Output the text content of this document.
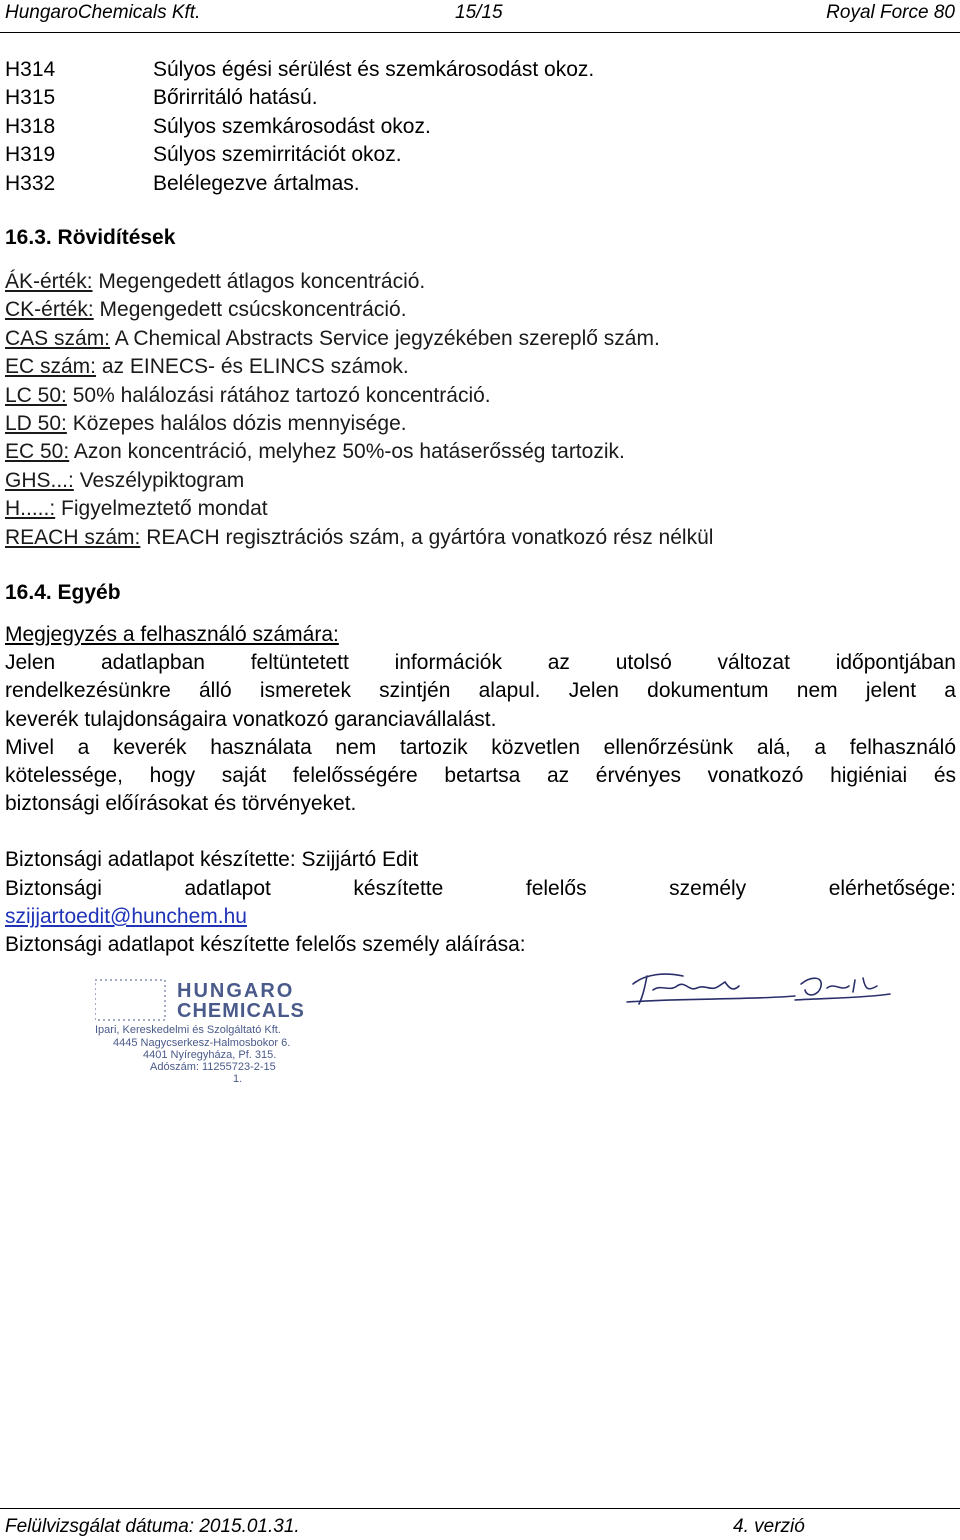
HungaroChemicals Kft.	15/15	Royal Force 80
H314	Súlyos égési sérülést és szemkárosodást okoz.
H315	Bőrirritáló hatású.
H318	Súlyos szemkárosodást okoz.
H319	Súlyos szemirritációt okoz.
H332	Belélegezve ártalmas.
16.3. Rövidítések
ÁK-érték: Megengedett átlagos koncentráció.
CK-érték: Megengedett csúcskoncentráció.
CAS szám: A Chemical Abstracts Service jegyzékében szereplő szám.
EC szám: az EINECS- és ELINCS számok.
LC 50: 50% halálozási rátához tartozó koncentráció.
LD 50: Közepes halálos dózis mennyisége.
EC 50: Azon koncentráció, melyhez 50%-os hatáserősség tartozik.
GHS...: Veszélypiktogram
H.....: Figyelmeztető mondat
REACH szám: REACH regisztrációs szám, a gyártóra vonatkozó rész nélkül
16.4. Egyéb
Megjegyzés a felhasználó számára:
Jelen adatlapban feltüntetett információk az utolsó változat időpontjában
rendelkezésünkre álló ismeretek szintjén alapul. Jelen dokumentum nem jelent a
keverék tulajdonságaira vonatkozó garanciavállalást.
Mivel a keverék használata nem tartozik közvetlen ellenőrzésünk alá, a felhasználó
kötelessége, hogy saját felelősségére betartsa az érvényes vonatkozó higiéniai és
biztonsági előírásokat és törvényeket.
Biztonsági adatlapot készítette: Szijjártó Edit
Biztonsági adatlapot készítette felelős személy elérhetősége:
szijjartoedit@hunchem.hu
Biztonsági adatlapot készítette felelős személy aláírása:
HUNGARO
CHEMICALS
Ipari, Kereskedelmi és Szolgáltató Kft.
4445 Nagycserkesz-Halmosbokor 6.
4401 Nyíregyháza, Pf. 315.
Adószám: 11255723-2-15
1.
Felülvizsgálat dátuma: 2015.01.31.	4. verzió
